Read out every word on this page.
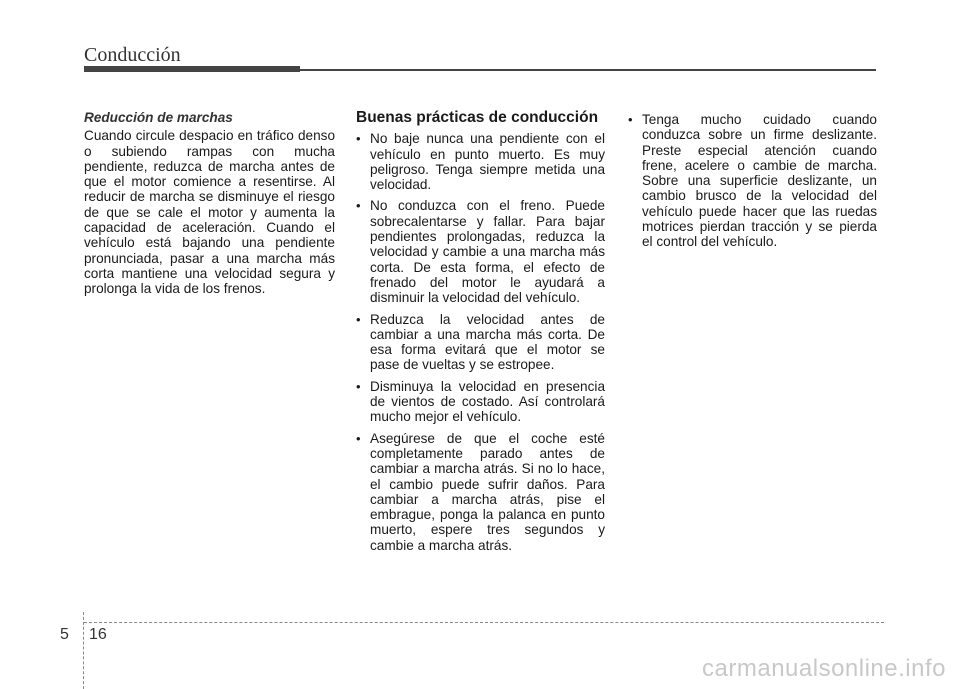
Conducción
Reducción de marchas

Cuando circule despacio en tráfico denso o subiendo rampas con mucha pendiente, reduzca de marcha antes de que el motor comience a resentirse. Al reducir de marcha se disminuye el riesgo de que se cale el motor y aumenta la capacidad de aceleración. Cuando el vehículo está bajando una pendiente pronunciada, pasar a una marcha más corta mantiene una velocidad segura y prolonga la vida de los frenos.

Buenas prácticas de conducción
• No baje nunca una pendiente con el vehículo en punto muerto. Es muy peligroso. Tenga siempre metida una velocidad.
• No conduzca con el freno. Puede sobrecalentarse y fallar. Para bajar pendientes prolongadas, reduzca la velocidad y cambie a una marcha más corta. De esta forma, el efecto de frenado del motor le ayudará a disminuir la velocidad del vehículo.
• Reduzca la velocidad antes de cambiar a una marcha más corta. De esa forma evitará que el motor se pase de vueltas y se estropee.
• Disminuya la velocidad en presencia de vientos de costado. Así controlará mucho mejor el vehículo.
• Asegúrese de que el coche esté completamente parado antes de cambiar a marcha atrás. Si no lo hace, el cambio puede sufrir daños. Para cambiar a marcha atrás, pise el embrague, ponga la palanca en punto muerto, espere tres segundos y cambie a marcha atrás.
• Tenga mucho cuidado cuando conduzca sobre un firme deslizante. Preste especial atención cuando frene, acelere o cambie de marcha. Sobre una superficie deslizante, un cambio brusco de la velocidad del vehículo puede hacer que las ruedas motrices pierdan tracción y se pierda el control del vehículo.
5 16
carmanualsonline.info
